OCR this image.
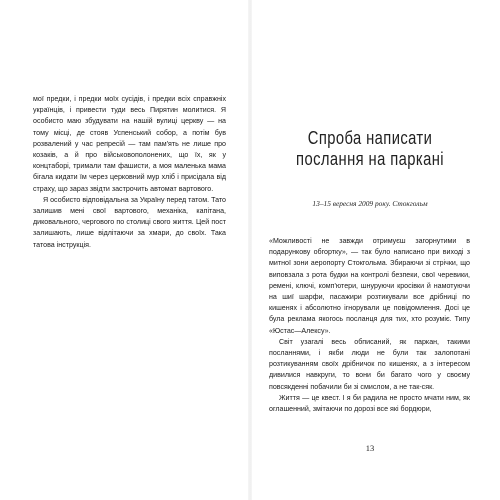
мої предки, і предки моїх сусідів, і предки всіх справжніх українців, і привести туди весь Пирятин молитися. Я особисто маю збудувати на нашій вулиці церкву — на тому місці, де стояв Успенський собор, а потім був розвалений у час репресій — там пам'ять не лише про козаків, а й про військовополонених, що їх, як у концтаборі, тримали там фашисти, а моя маленька мама бігала кидати їм через церковний мур хліб і присідала від страху, що зараз звідти застрочить автомат вартового.

Я особисто відповідальна за Україну перед татом. Тато залишив мені свої вартового, механіка, капітана, диковального, чергового по столиці свого життя. Цей пост залишають, лише відлітаючи за хмари, до своїх. Така татова інструкція.

Спроба написати
послання на паркані
13–15 вересня 2009 року. Стокгольм

«Можливості не завжди отримуєш загорнутими в подарункову обгортку», — так було написано при виході з митної зони аеропорту Стокгольма. Збираючи зі стрічки, що виповзала з рота будки на контролі безпеки, свої черевики, ремені, ключі, комп'ютери, шнуруючи кросівки й намотуючи на шиї шарфи, пасажири розтикували все дрібниці по кишенях і абсолютно ігнорували це повідомлення. Досі це була реклама якогось посланця для тих, хто розуміє. Типу «Юстас—Алексу».

Світ узагалі весь обписаний, як паркан, такими посланнями, і якби люди не були так залопотані розтикуванням своїх дрібничок по кишенях, а з інтересом дивилися навкруги, то вони би багато чого у своєму повсякденні побачили би зі смислом, а не так-сяк.

Життя — це квест. І я би радила не просто мчати ним, як оглашенний, змітаючи по дорозі все які бордюри,

13
